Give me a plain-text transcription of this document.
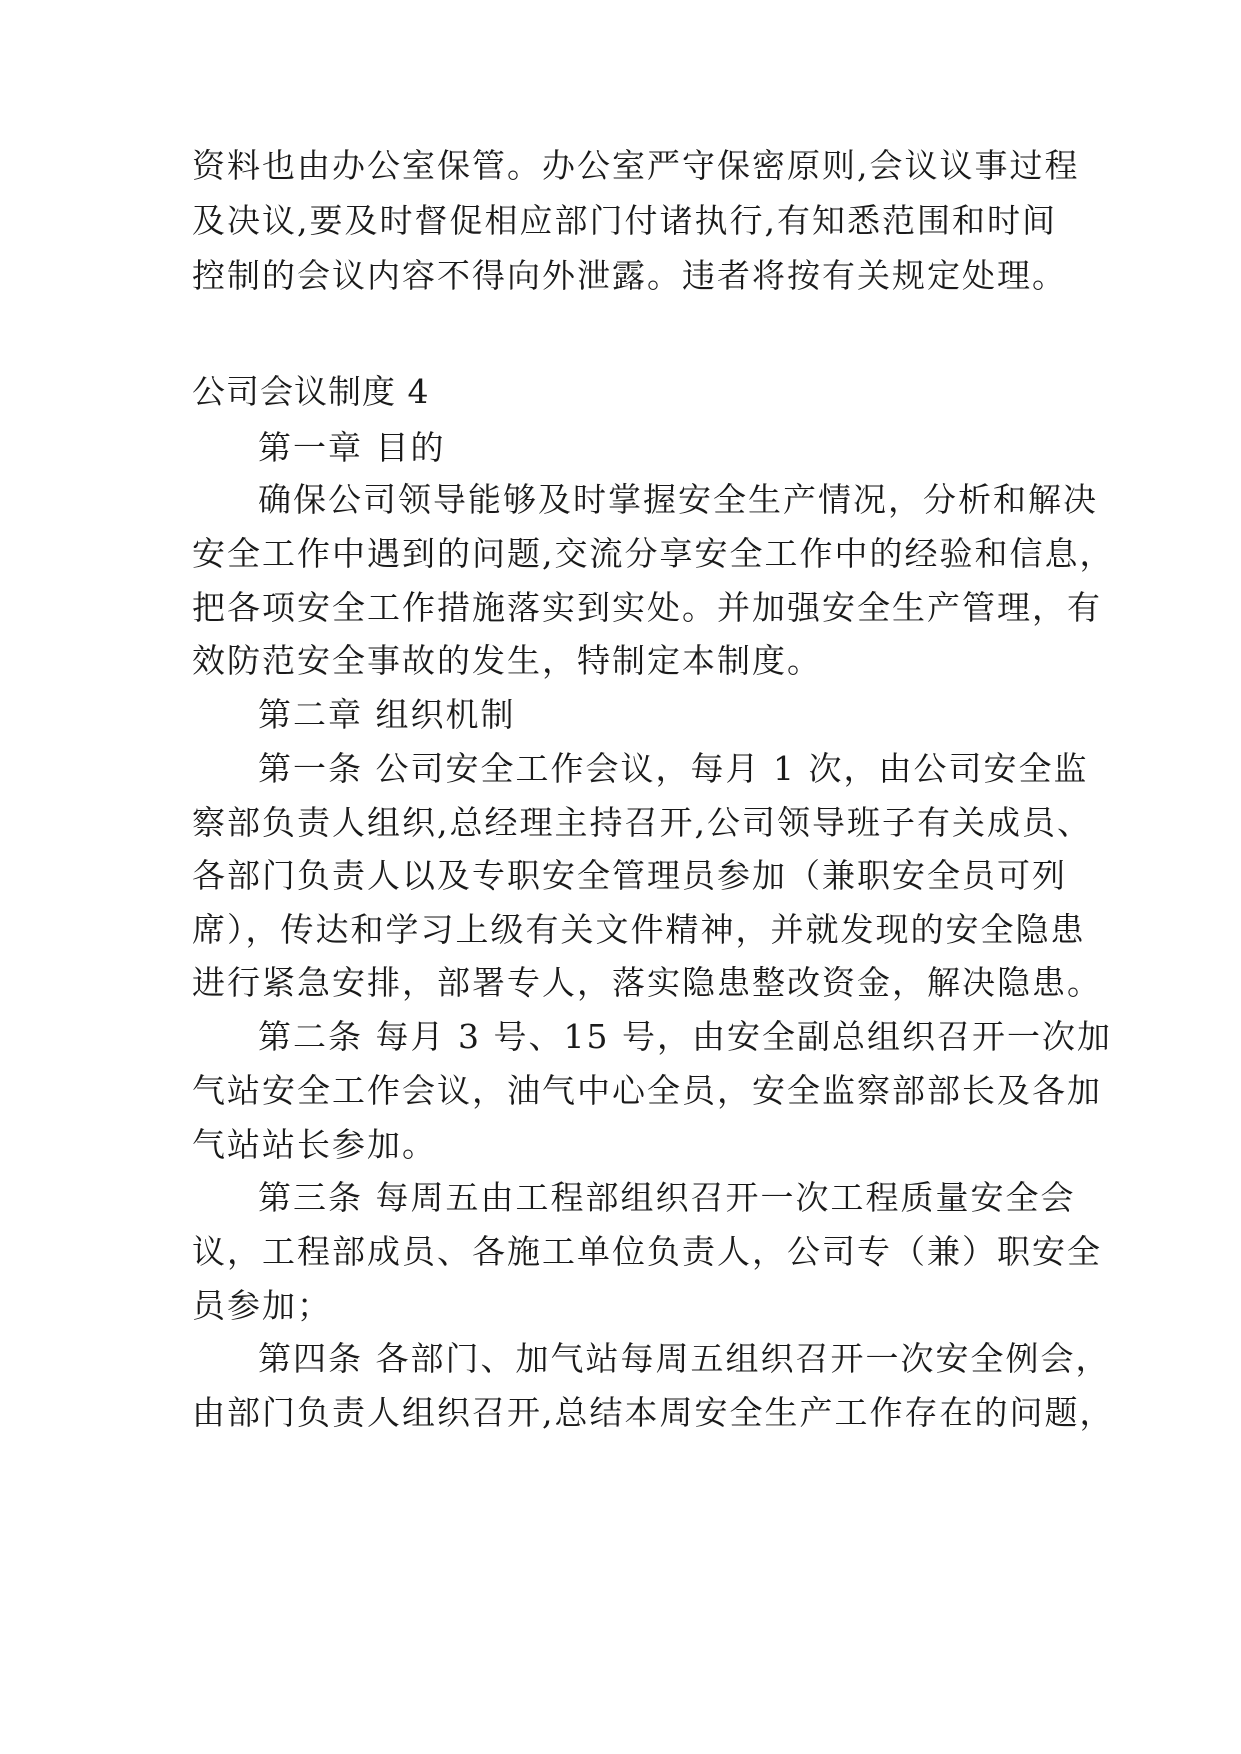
资料也由办公室保管。办公室严守保密原则,会议议事过程
及决议,要及时督促相应部门付诸执行,有知悉范围和时间
控制的会议内容不得向外泄露。违者将按有关规定处理。
公司会议制度 4
第一章 目的
确保公司领导能够及时掌握安全生产情况，分析和解决
安全工作中遇到的问题,交流分享安全工作中的经验和信息，
把各项安全工作措施落实到实处。并加强安全生产管理，有
效防范安全事故的发生，特制定本制度。
第二章 组织机制
第一条 公司安全工作会议，每月 1 次，由公司安全监
察部负责人组织,总经理主持召开,公司领导班子有关成员、
各部门负责人以及专职安全管理员参加（兼职安全员可列
席），传达和学习上级有关文件精神，并就发现的安全隐患
进行紧急安排，部署专人，落实隐患整改资金，解决隐患。
第二条 每月 3 号、15 号，由安全副总组织召开一次加
气站安全工作会议，油气中心全员，安全监察部部长及各加
气站站长参加。
第三条 每周五由工程部组织召开一次工程质量安全会
议，工程部成员、各施工单位负责人，公司专（兼）职安全
员参加；
第四条 各部门、加气站每周五组织召开一次安全例会，
由部门负责人组织召开,总结本周安全生产工作存在的问题，
